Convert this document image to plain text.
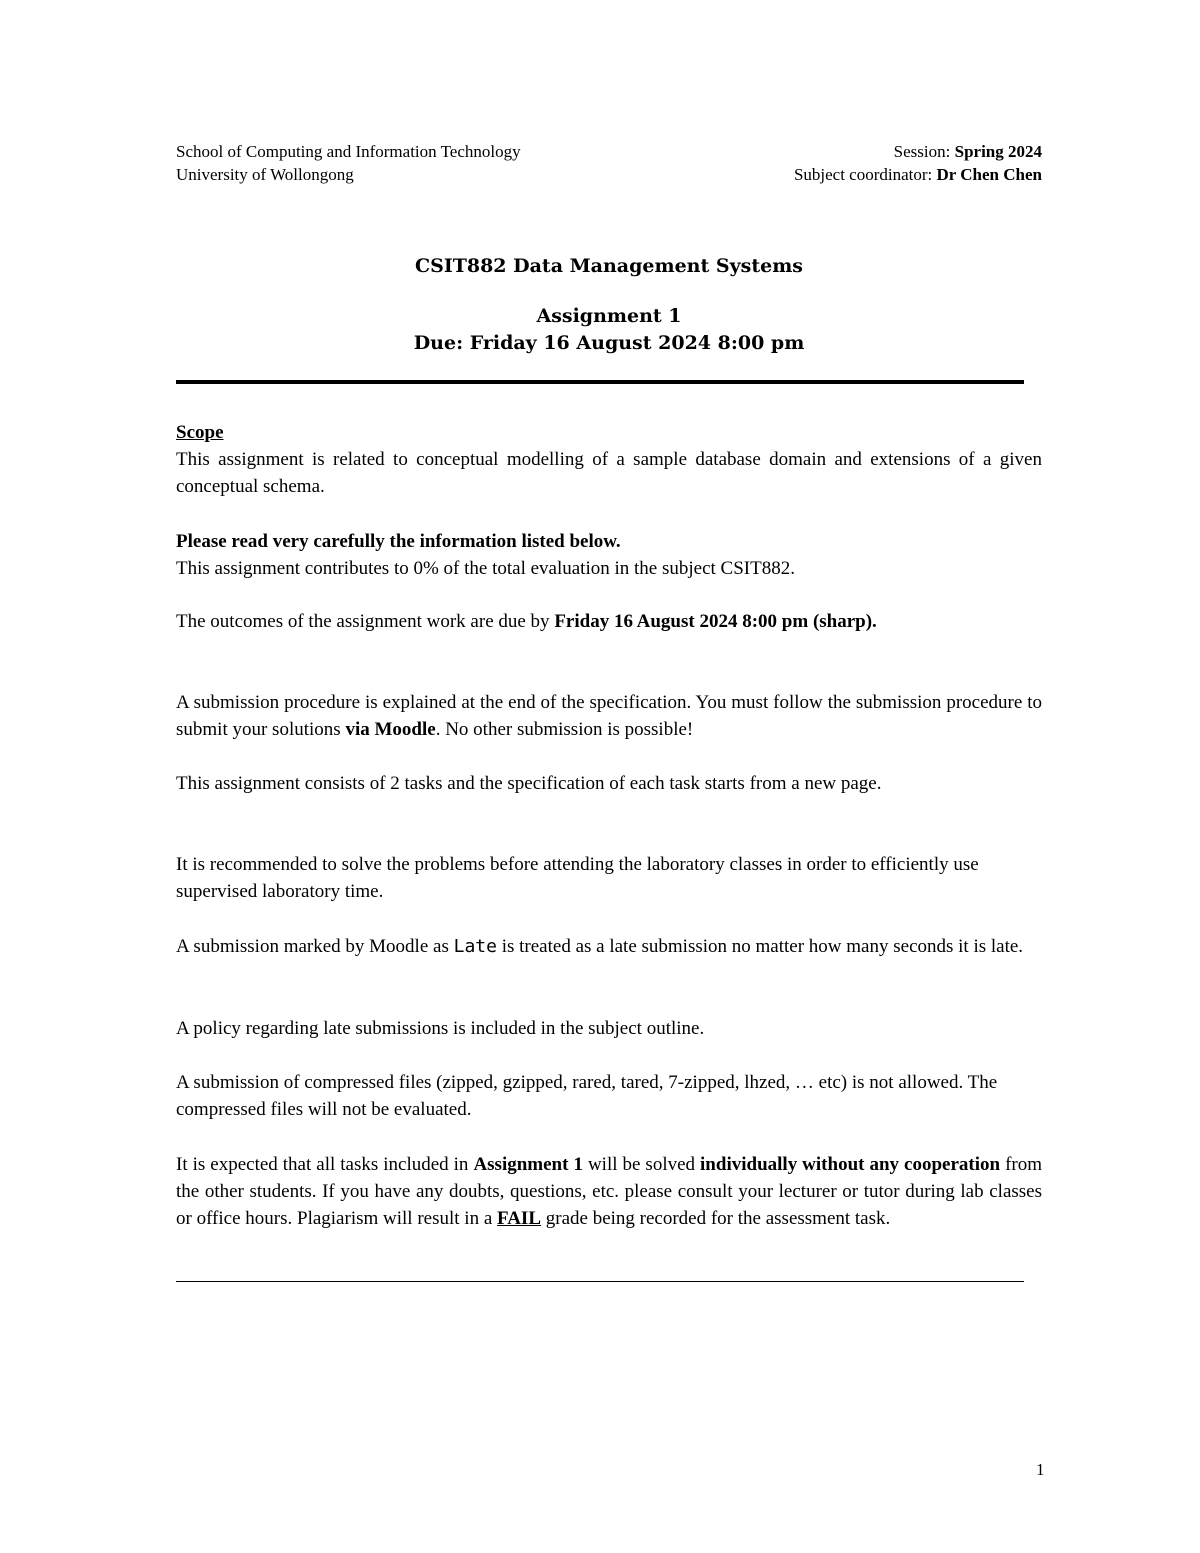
School of Computing and Information Technology	Session: Spring 2024
University of Wollongong	Subject coordinator: Dr Chen Chen
CSIT882 Data Management Systems
Assignment 1
Due: Friday 16 August 2024 8:00 pm
Scope
This assignment is related to conceptual modelling of a sample database domain and extensions of a given conceptual schema.
Please read very carefully the information listed below.
This assignment contributes to 0% of the total evaluation in the subject CSIT882.
The outcomes of the assignment work are due by Friday 16 August 2024 8:00 pm (sharp).
A submission procedure is explained at the end of the specification. You must follow the submission procedure to submit your solutions via Moodle. No other submission is possible!
This assignment consists of 2 tasks and the specification of each task starts from a new page.
It is recommended to solve the problems before attending the laboratory classes in order to efficiently use supervised laboratory time.
A submission marked by Moodle as Late is treated as a late submission no matter how many seconds it is late.
A policy regarding late submissions is included in the subject outline.
A submission of compressed files (zipped, gzipped, rared, tared, 7-zipped, lhzed, … etc) is not allowed. The compressed files will not be evaluated.
It is expected that all tasks included in Assignment 1 will be solved individually without any cooperation from the other students. If you have any doubts, questions, etc. please consult your lecturer or tutor during lab classes or office hours. Plagiarism will result in a FAIL grade being recorded for the assessment task.
1
